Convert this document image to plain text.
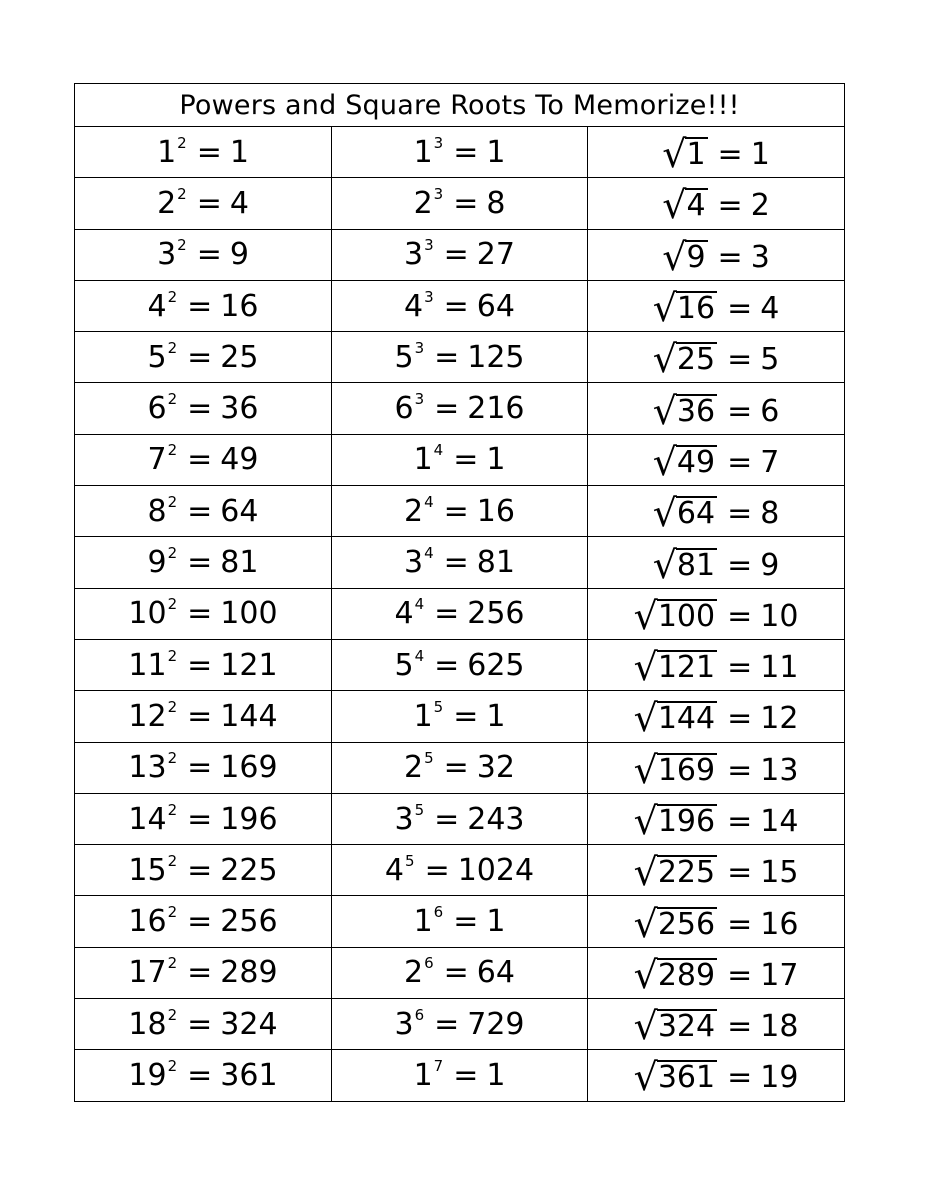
Powers and Square Roots To Memorize!!!		

$1^2 = 1$	$1^3 = 1$	√ 1 = 1

$2^2 = 4$	$2^3 = 8$	√ 4 = 2

$3^2 = 9$	$3^3 = 27$	√ 9 = 3

$4^2 = 16$	$4^3 = 64$	√ 16 = 4

$5^2 = 25$	$5^3 = 125$	√ 25 = 5

$6^2 = 36$	$6^3 = 216$	√ 36 = 6

$7^2 = 49$	$1^4 = 1$	√ 49 = 7

$8^2 = 64$	$2^4 = 16$	√ 64 = 8

$9^2 = 81$	$3^4 = 81$	√ 81 = 9

$10^2 = 100$	$4^4 = 256$	√ 100 = 10

$11^2 = 121$	$5^4 = 625$	√ 121 = 11

$12^2 = 144$	$1^5 = 1$	√ 144 = 12

$13^2 = 169$	$2^5 = 32$	√ 169 = 13

$14^2 = 196$	$3^5 = 243$	√ 196 = 14

$15^2 = 225$	$4^5 = 1024$	√ 225 = 15

$16^2 = 256$	$1^6 = 1$	√ 256 = 16

$17^2 = 289$	$2^6 = 64$	√ 289 = 17

$18^2 = 324$	$3^6 = 729$	√ 324 = 18

$19^2 = 361$	$1^7 = 1$	√ 361 = 19
